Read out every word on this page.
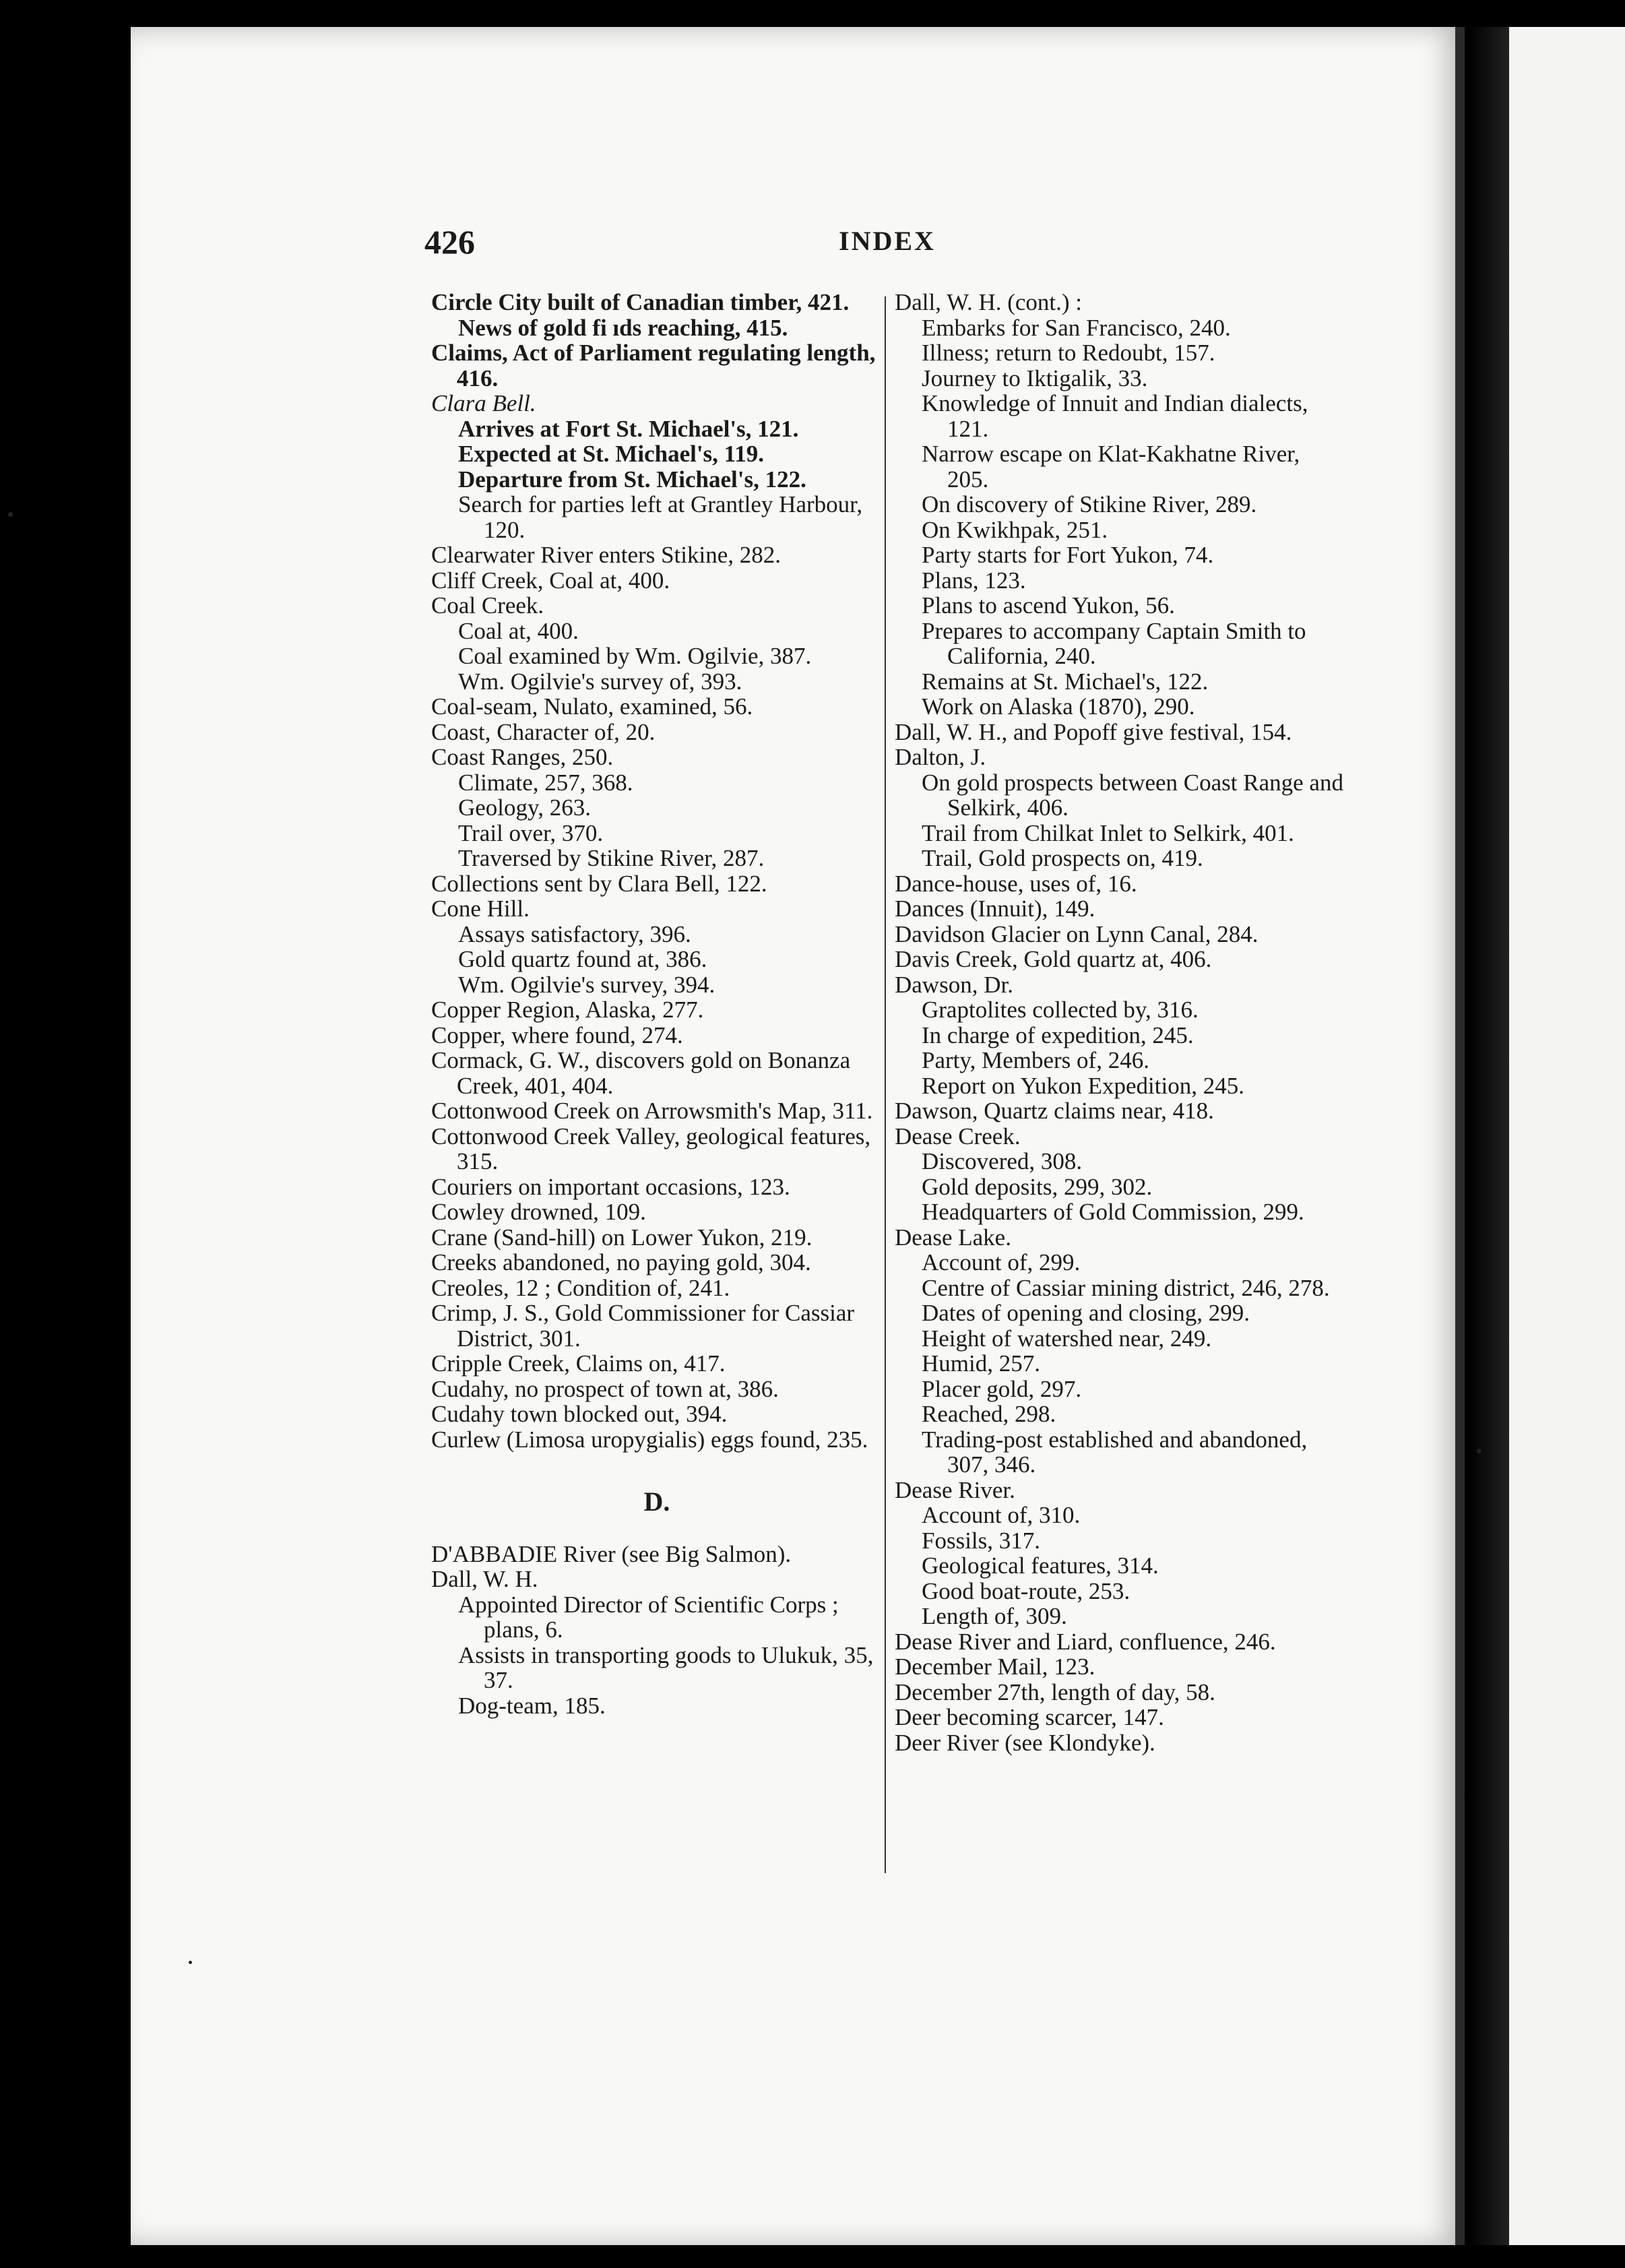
426	INDEX
Circle City built of Canadian timber, 421.
News of gold fi ıds reaching, 415.
Claims, Act of Parliament regulating length, 416.
Clara Bell.
Arrives at Fort St. Michael's, 121.
Expected at St. Michael's, 119.
Departure from St. Michael's, 122.
Search for parties left at Grantley Harbour, 120.
Clearwater River enters Stikine, 282.
Cliff Creek, Coal at, 400.
Coal Creek.
Coal at, 400.
Coal examined by Wm. Ogilvie, 387.
Wm. Ogilvie's survey of, 393.
Coal-seam, Nulato, examined, 56.
Coast, Character of, 20.
Coast Ranges, 250.
Climate, 257, 368.
Geology, 263.
Trail over, 370.
Traversed by Stikine River, 287.
Collections sent by Clara Bell, 122.
Cone Hill.
Assays satisfactory, 396.
Gold quartz found at, 386.
Wm. Ogilvie's survey, 394.
Copper Region, Alaska, 277.
Copper, where found, 274.
Cormack, G. W., discovers gold on Bonanza Creek, 401, 404.
Cottonwood Creek on Arrowsmith's Map, 311.
Cottonwood Creek Valley, geological features, 315.
Couriers on important occasions, 123.
Cowley drowned, 109.
Crane (Sand-hill) on Lower Yukon, 219.
Creeks abandoned, no paying gold, 304.
Creoles, 12 ; Condition of, 241.
Crimp, J. S., Gold Commissioner for Cassiar District, 301.
Cripple Creek, Claims on, 417.
Cudahy, no prospect of town at, 386.
Cudahy town blocked out, 394.
Curlew (Limosa uropygialis) eggs found, 235.
D.
D'ABBADIE River (see Big Salmon).
Dall, W. H.
Appointed Director of Scientific Corps ; plans, 6.
Assists in transporting goods to Ulukuk, 35, 37.
Dog-team, 185.
Dall, W. H. (cont.) :
Embarks for San Francisco, 240.
Illness; return to Redoubt, 157.
Journey to Iktigalik, 33.
Knowledge of Innuit and Indian dialects, 121.
Narrow escape on Klat-Kakhatne River, 205.
On discovery of Stikine River, 289.
On Kwikhpak, 251.
Party starts for Fort Yukon, 74.
Plans, 123.
Plans to ascend Yukon, 56.
Prepares to accompany Captain Smith to California, 240.
Remains at St. Michael's, 122.
Work on Alaska (1870), 290.
Dall, W. H., and Popoff give festival, 154.
Dalton, J.
On gold prospects between Coast Range and Selkirk, 406.
Trail from Chilkat Inlet to Selkirk, 401.
Trail, Gold prospects on, 419.
Dance-house, uses of, 16.
Dances (Innuit), 149.
Davidson Glacier on Lynn Canal, 284.
Davis Creek, Gold quartz at, 406.
Dawson, Dr.
Graptolites collected by, 316.
In charge of expedition, 245.
Party, Members of, 246.
Report on Yukon Expedition, 245.
Dawson, Quartz claims near, 418.
Dease Creek.
Discovered, 308.
Gold deposits, 299, 302.
Headquarters of Gold Commission, 299.
Dease Lake.
Account of, 299.
Centre of Cassiar mining district, 246, 278.
Dates of opening and closing, 299.
Height of watershed near, 249.
Humid, 257.
Placer gold, 297.
Reached, 298.
Trading-post established and abandoned, 307, 346.
Dease River.
Account of, 310.
Fossils, 317.
Geological features, 314.
Good boat-route, 253.
Length of, 309.
Dease River and Liard, confluence, 246.
December Mail, 123.
December 27th, length of day, 58.
Deer becoming scarcer, 147.
Deer River (see Klondyke).
